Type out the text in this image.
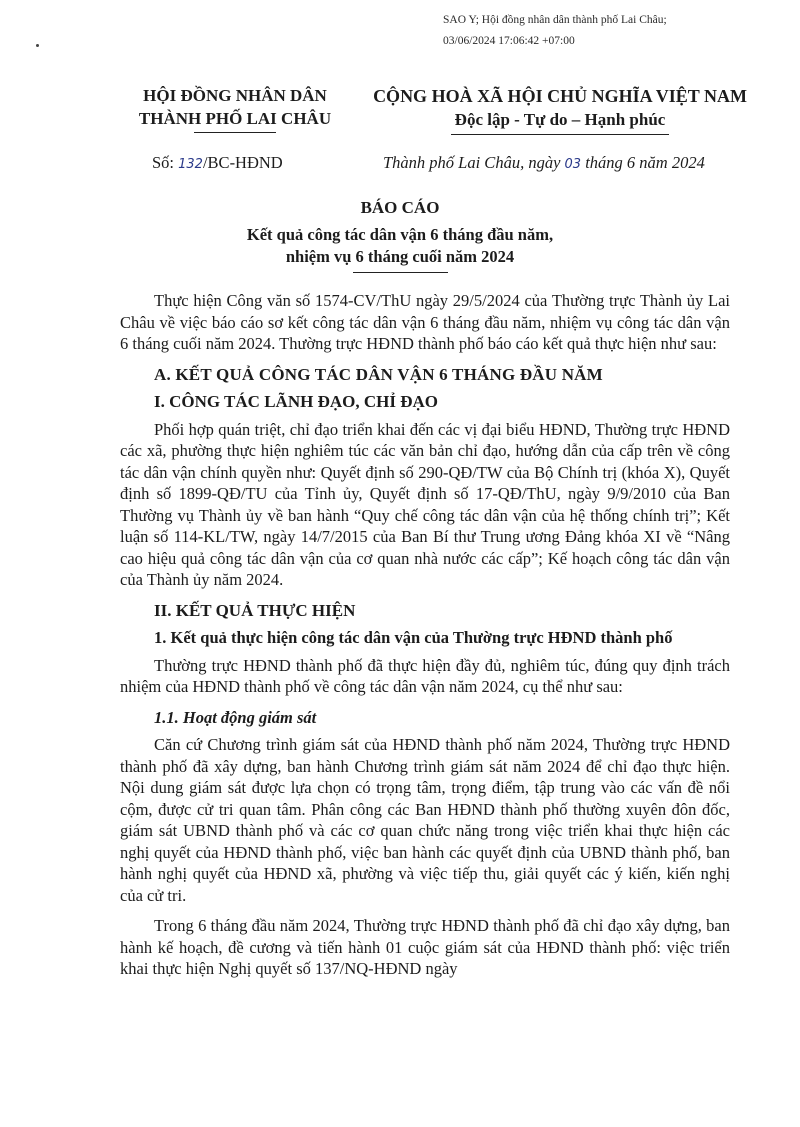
SAO Y; Hội đồng nhân dân thành phố Lai Châu;
03/06/2024 17:06:42 +07:00
HỘI ĐỒNG NHÂN DÂN
THÀNH PHỐ LAI CHÂU
CỘNG HOÀ XÃ HỘI CHỦ NGHĨA VIỆT NAM
Độc lập - Tự do – Hạnh phúc
Số: 132/BC-HĐND	Thành phố Lai Châu, ngày 03 tháng 6 năm 2024
BÁO CÁO
Kết quả công tác dân vận 6 tháng đầu năm,
nhiệm vụ 6 tháng cuối năm 2024

Thực hiện Công văn số 1574-CV/ThU ngày 29/5/2024 của Thường trực Thành ủy Lai Châu về việc báo cáo sơ kết công tác dân vận 6 tháng đầu năm, nhiệm vụ công tác dân vận 6 tháng cuối năm 2024. Thường trực HĐND thành phố báo cáo kết quả thực hiện như sau:

A. KẾT QUẢ CÔNG TÁC DÂN VẬN 6 THÁNG ĐẦU NĂM
I. CÔNG TÁC LÃNH ĐẠO, CHỈ ĐẠO

Phối hợp quán triệt, chỉ đạo triển khai đến các vị đại biểu HĐND, Thường trực HĐND các xã, phường thực hiện nghiêm túc các văn bản chỉ đạo, hướng dẫn của cấp trên về công tác dân vận chính quyền như: Quyết định số 290-QĐ/TW của Bộ Chính trị (khóa X), Quyết định số 1899-QĐ/TU của Tỉnh ủy, Quyết định số 17-QĐ/ThU, ngày 9/9/2010 của Ban Thường vụ Thành ủy về ban hành “Quy chế công tác dân vận của hệ thống chính trị”; Kết luận số 114-KL/TW, ngày 14/7/2015 của Ban Bí thư Trung ương Đảng khóa XI về “Nâng cao hiệu quả công tác dân vận của cơ quan nhà nước các cấp”; Kế hoạch công tác dân vận của Thành ủy năm 2024.

II. KẾT QUẢ THỰC HIỆN
1. Kết quả thực hiện công tác dân vận của Thường trực HĐND thành phố

Thường trực HĐND thành phố đã thực hiện đầy đủ, nghiêm túc, đúng quy định trách nhiệm của HĐND thành phố về công tác dân vận năm 2024, cụ thể như sau:

1.1. Hoạt động giám sát

Căn cứ Chương trình giám sát của HĐND thành phố năm 2024, Thường trực HĐND thành phố đã xây dựng, ban hành Chương trình giám sát năm 2024 để chỉ đạo thực hiện. Nội dung giám sát được lựa chọn có trọng tâm, trọng điểm, tập trung vào các vấn đề nổi cộm, được cử tri quan tâm. Phân công các Ban HĐND thành phố thường xuyên đôn đốc, giám sát UBND thành phố và các cơ quan chức năng trong việc triển khai thực hiện các nghị quyết của HĐND thành phố, việc ban hành các quyết định của UBND thành phố, ban hành nghị quyết của HĐND xã, phường và việc tiếp thu, giải quyết các ý kiến, kiến nghị của cử tri.

Trong 6 tháng đầu năm 2024, Thường trực HĐND thành phố đã chỉ đạo xây dựng, ban hành kế hoạch, đề cương và tiến hành 01 cuộc giám sát của HĐND thành phố: việc triển khai thực hiện Nghị quyết số 137/NQ-HĐND ngày
